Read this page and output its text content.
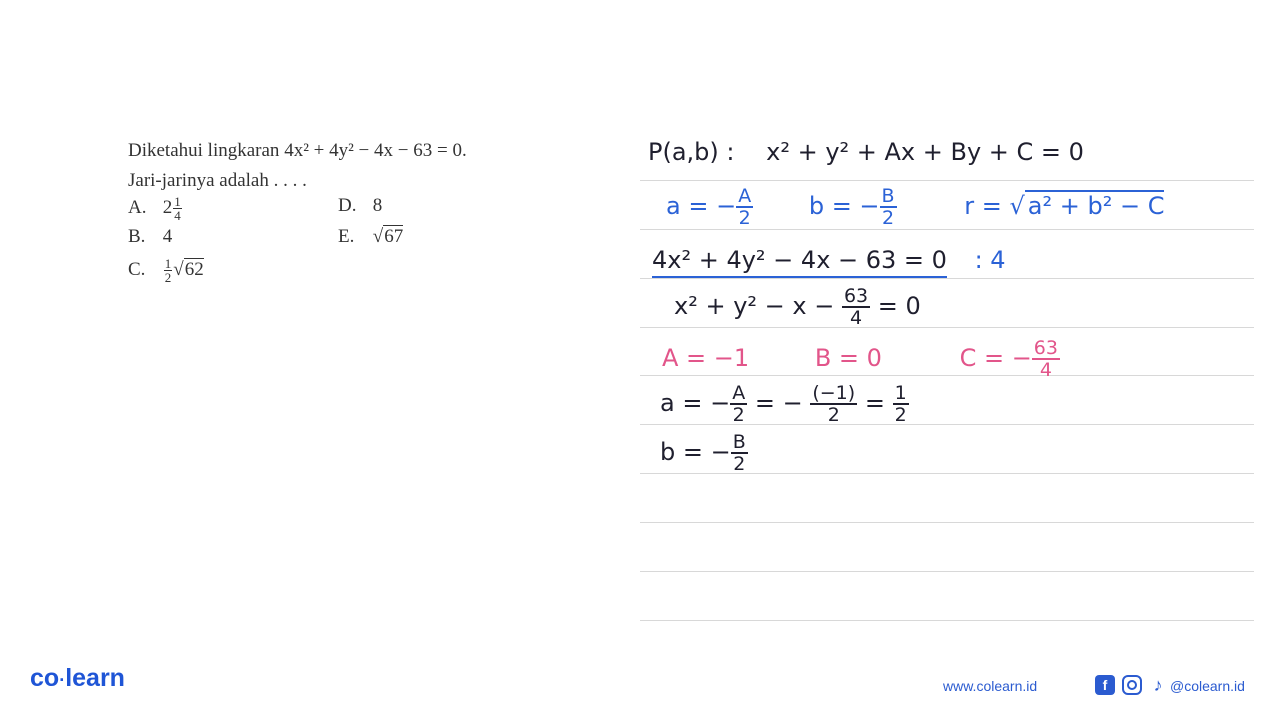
Diketahui lingkaran 4x² + 4y² − 4x − 63 = 0.
Jari-jarinya adalah . . . .
A. $2 \frac{1}{4}$
B. 4
C. $\frac{1}{2} √62$
D. 8
E. √67
P(a,b) : x² + y² + Ax + By + C = 0
a = − $\frac{A}{2}$ b = − $\frac{B}{2}$	r = √ a² + b² − C
4x² + 4y² − 4x − 63 = 0 : 4
$x^2 + y^2 - x - \frac{63}{4} = 0$
A = −1	B = 0	C = − $\frac{63}{4}$
a = − $\frac{A}{2}$ = − $\frac{(-1)}{2} = \frac{1}{2}$
b = − $\frac{B}{2}$
co·learn	www.colearn.id	f	♪ @colearn.id
